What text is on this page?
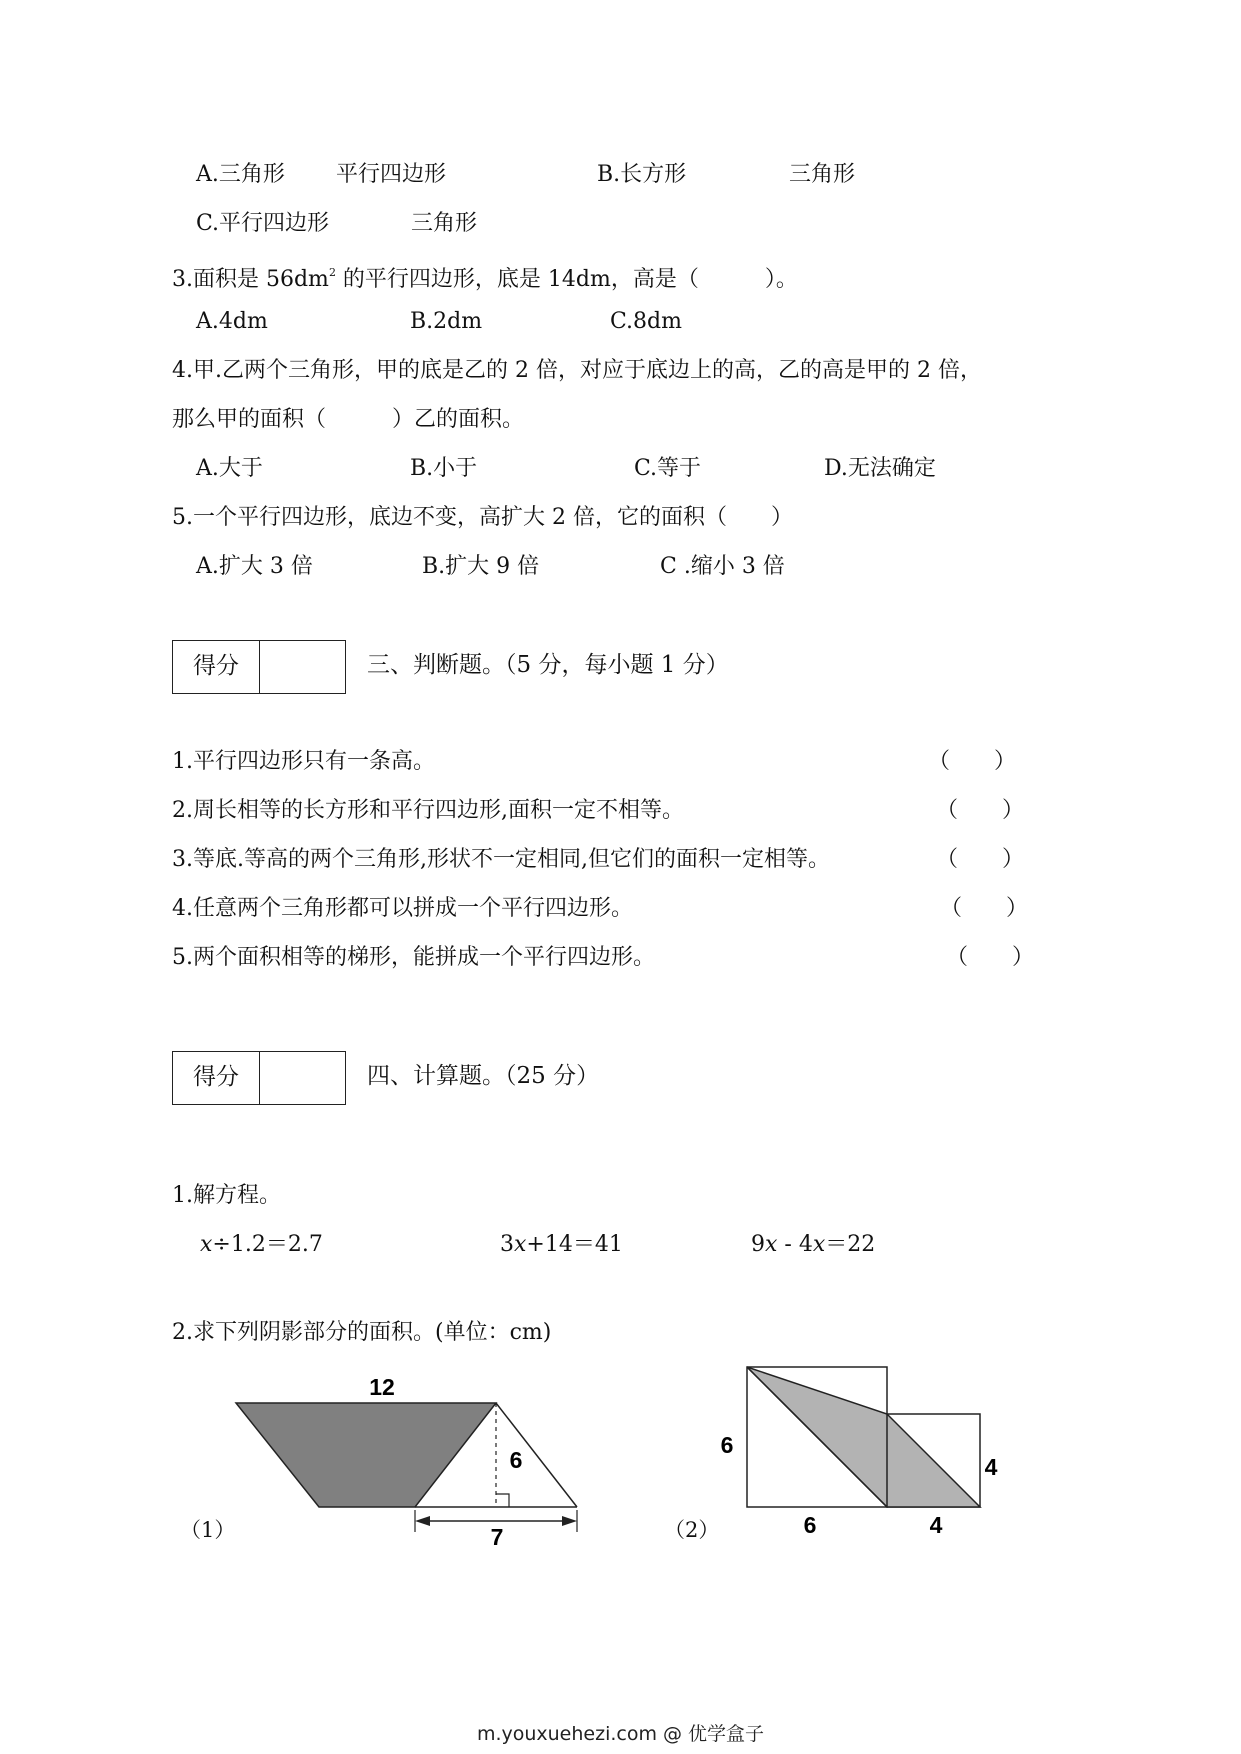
A.三角形 平行四边形	B.长方形	三角形
C.平行四边形	三角形
3.面积是 $56dm^2$ 的平行四边形，底是 14dm，高是（　　　）。
A.4dm	B.2dm	C.8dm
4.甲.乙两个三角形，甲的底是乙的 2 倍，对应于底边上的高，乙的高是甲的 2 倍，
那么甲的面积（　　　）乙的面积。
A.大于	B.小于	C.等于	D.无法确定
5.一个平行四边形，底边不变，高扩大 2 倍，它的面积（　　）
A.扩大 3 倍	B.扩大 9 倍	C .缩小 3 倍
得分	三、判断题。（5 分，每小题 1 分）
1.平行四边形只有一条高。	（　　）
2.周长相等的长方形和平行四边形,面积一定不相等。	（　　）
3.等底.等高的两个三角形,形状不一定相同,但它们的面积一定相等。	（　　）
4.任意两个三角形都可以拼成一个平行四边形。	（　　）
5.两个面积相等的梯形，能拼成一个平行四边形。	（　　）
得分	四、计算题。（25 分）
1.解方程。
x÷1.2＝2.7	3x+14＝41	9x - 4x＝22
2.求下列阴影部分的面积。(单位：cm)
12
6
7
6
4
6	4
（1）	（2）
m.youxuehezi.com @ 优学盒子
